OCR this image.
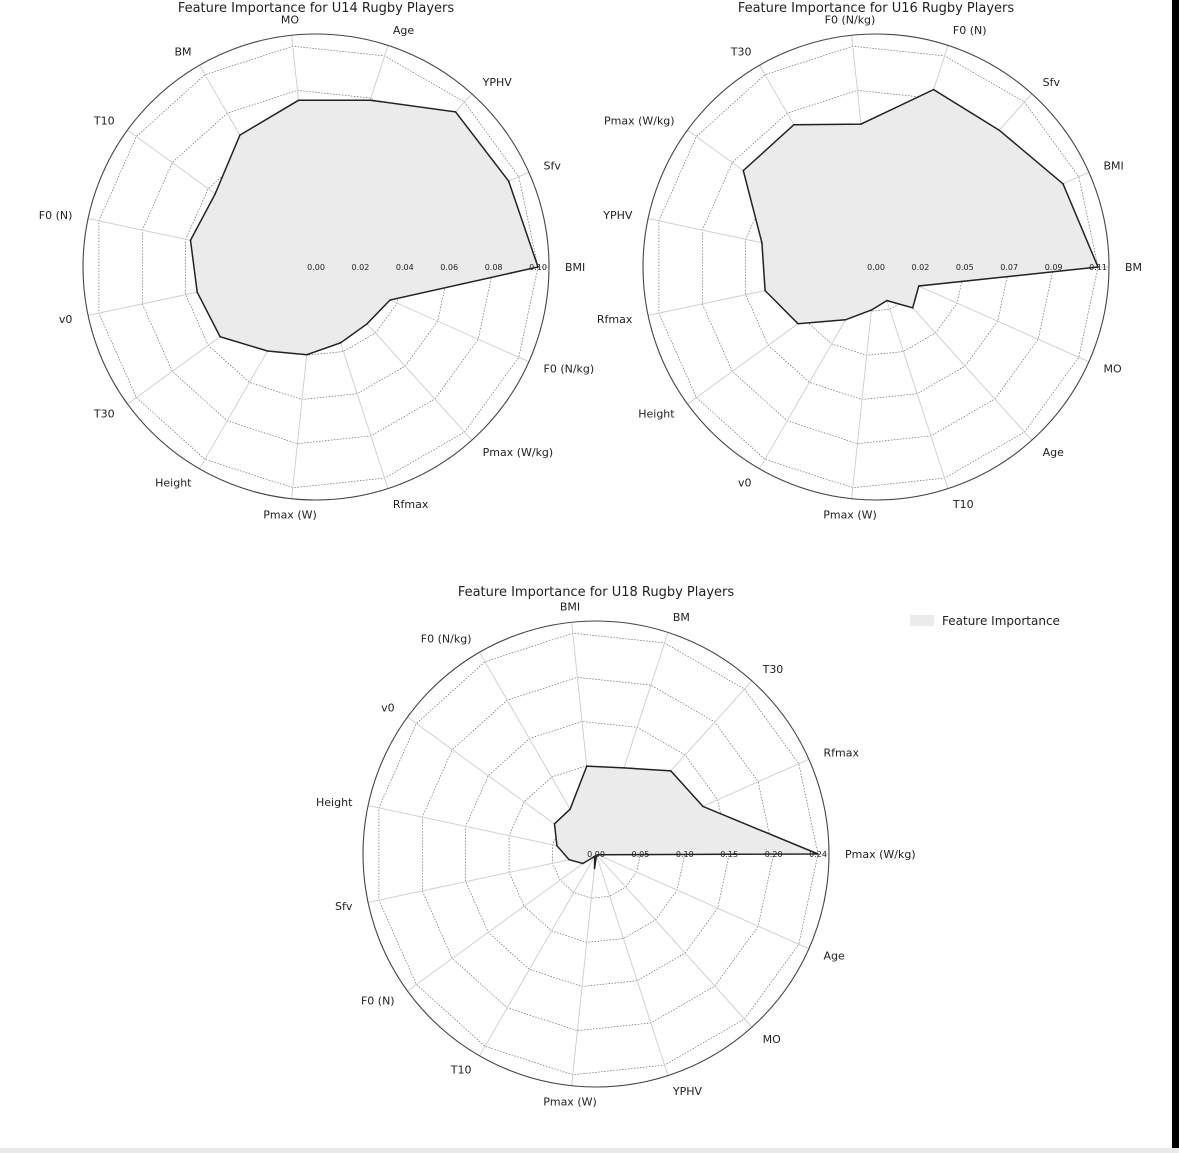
Feature Importance for U14 Rugby Players
0.00	0.02	0.04	0.06	0.08	0.10 BMI
Sfv
YPHV
Age
MO
BM
T10
F0 (N)
v0
T30
Height
Pmax (W)
Rfmax
Pmax (W/kg)
F0 (N/kg)
Feature Importance for U16 Rugby Players
0.00	0.02	0.05	0.07	0.09	0.11 BM
BMI
Sfv
F0 (N)
F0 (N/kg)
T30
Pmax (W/kg)
YPHV
Rfmax
Height
v0
Pmax (W)
T10
Age
MO
Feature Importance for U18 Rugby Players
0.00	0.05	0.10	0.15	0.20	0.24 Pmax (W/kg)
Rfmax
T30
BM
BMI
F0 (N/kg)
v0
Height
Sfv
F0 (N)
T10
Pmax (W)
YPHV
MO
Age
Feature Importance
